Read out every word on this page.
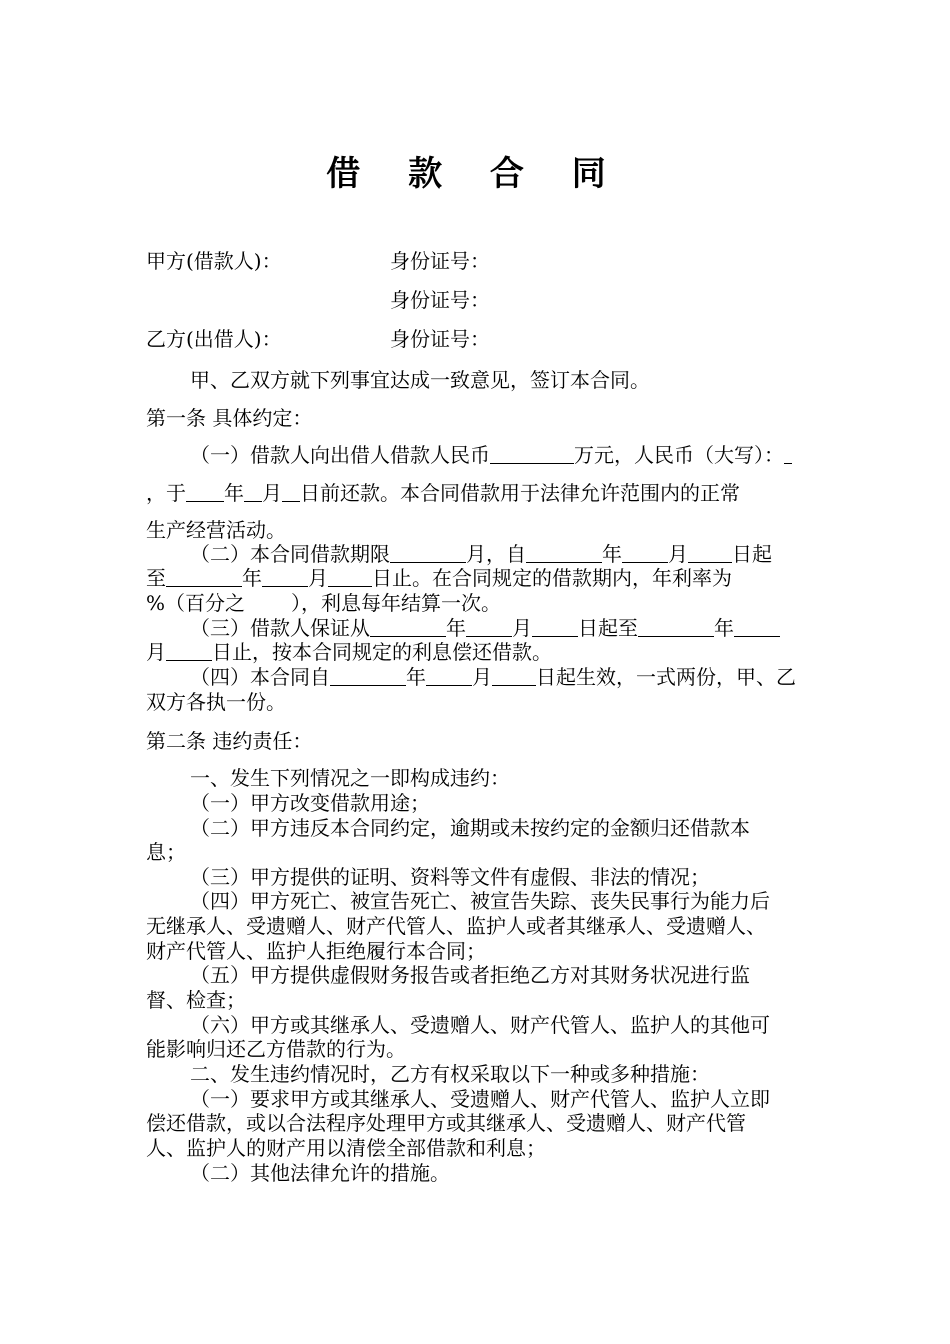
借 款 合 同
甲方(借款人)：	身份证号：
身份证号：
乙方(出借人)：	身份证号：
甲、乙双方就下列事宜达成一致意见，签订本合同。
第一条 具体约定：
（一）借款人向出借人借款人民币	万元，人民币（大写）：
，于 年 月 日前还款。本合同借款用于法律允许范围内的正常
生产经营活动。
（二）本合同借款期限	月，自	年 月 日起
至	年 月 日止。在合同规定的借款期内，年利率为
%（百分之 ），利息每年结算一次。
（三）借款人保证从	年 月 日起至	年
月 日止，按本合同规定的利息偿还借款。
（四）本合同自	年 月 日起生效，一式两份，甲、乙
双方各执一份。
第二条 违约责任：
一、发生下列情况之一即构成违约：
（一）甲方改变借款用途；
（二）甲方违反本合同约定，逾期或未按约定的金额归还借款本
息；
（三）甲方提供的证明、资料等文件有虚假、非法的情况；
（四）甲方死亡、被宣告死亡、被宣告失踪、丧失民事行为能力后
无继承人、受遗赠人、财产代管人、监护人或者其继承人、受遗赠人、
财产代管人、监护人拒绝履行本合同；
（五）甲方提供虚假财务报告或者拒绝乙方对其财务状况进行监
督、检查；
（六）甲方或其继承人、受遗赠人、财产代管人、监护人的其他可
能影响归还乙方借款的行为。
二、发生违约情况时，乙方有权采取以下一种或多种措施：
（一）要求甲方或其继承人、受遗赠人、财产代管人、监护人立即
偿还借款，或以合法程序处理甲方或其继承人、受遗赠人、财产代管
人、监护人的财产用以清偿全部借款和利息；
（二）其他法律允许的措施。
